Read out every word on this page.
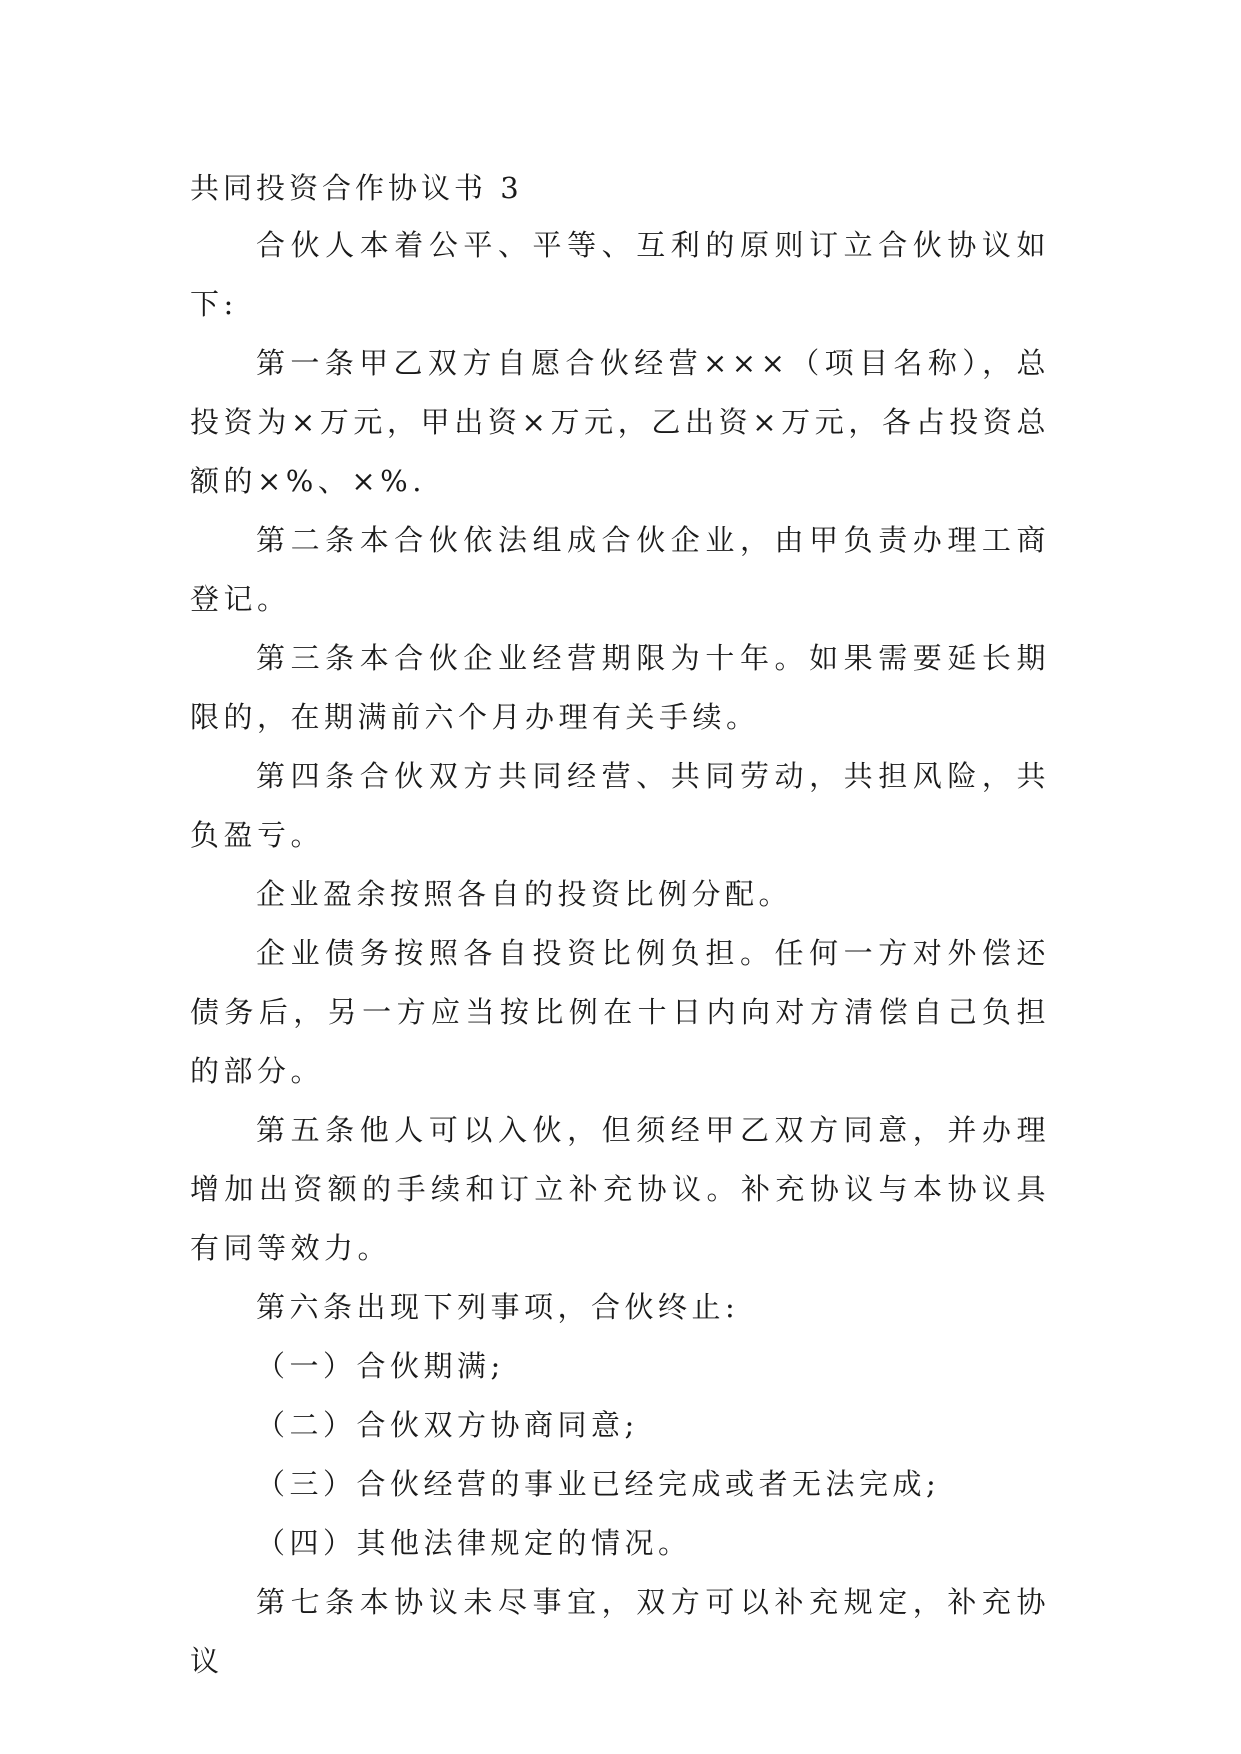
共同投资合作协议书 3

合伙人本着公平、平等、互利的原则订立合伙协议如下:

第一条甲乙双方自愿合伙经营×××（项目名称），总投资为×万元，甲出资×万元，乙出资×万元，各占投资总额的×%、×%.

第二条本合伙依法组成合伙企业，由甲负责办理工商登记。

第三条本合伙企业经营期限为十年。如果需要延长期限的，在期满前六个月办理有关手续。

第四条合伙双方共同经营、共同劳动，共担风险，共负盈亏。

企业盈余按照各自的投资比例分配。

企业债务按照各自投资比例负担。任何一方对外偿还债务后，另一方应当按比例在十日内向对方清偿自己负担的部分。

第五条他人可以入伙，但须经甲乙双方同意，并办理增加出资额的手续和订立补充协议。补充协议与本协议具有同等效力。

第六条出现下列事项，合伙终止:

（一）合伙期满;

（二）合伙双方协商同意;

（三）合伙经营的事业已经完成或者无法完成;

（四）其他法律规定的情况。

第七条本协议未尽事宜，双方可以补充规定，补充协议
